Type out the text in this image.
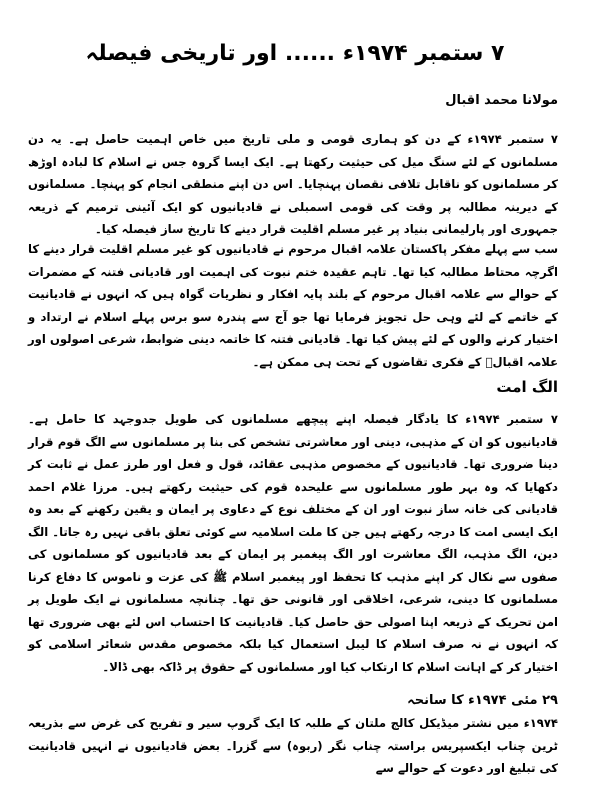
۷ ستمبر ۱۹۷۴ء ...... اور تاریخی فیصلہ
مولانا محمد اقبال

۷ ستمبر ۱۹۷۴ء کے دن کو ہماری قومی و ملی تاریخ میں خاص اہمیت حاصل ہے۔ یہ دن مسلمانوں کے لئے سنگ میل کی حیثیت رکھتا ہے۔ ایک ایسا گروہ جس نے اسلام کا لبادہ اوڑھ کر مسلمانوں کو ناقابل تلافی نقصان پہنچایا۔ اس دن اپنے منطقی انجام کو پہنچا۔ مسلمانوں کے دیرینہ مطالبہ پر وقت کی قومی اسمبلی نے قادیانیوں کو ایک آئینی ترمیم کے ذریعہ جمہوری اور پارلیمانی بنیاد پر غیر مسلم اقلیت قرار دینے کا تاریخ ساز فیصلہ کیا۔

سب سے پہلے مفکر پاکستان علامہ اقبال مرحوم نے قادیانیوں کو غیر مسلم اقلیت قرار دینے کا اگرچہ محتاط مطالبہ کیا تھا۔ تاہم عقیدہ ختم نبوت کی اہمیت اور قادیانی فتنہ کے مضمرات کے حوالے سے علامہ اقبال مرحوم کے بلند پایہ افکار و نظریات گواہ ہیں کہ انہوں نے قادیانیت کے خاتمے کے لئے وہی حل تجویز فرمایا تھا جو آج سے پندرہ سو برس پہلے اسلام نے ارتداد و اختیار کرنے والوں کے لئے پیش کیا تھا۔ قادیانی فتنہ کا خاتمہ دینی ضوابط، شرعی اصولوں اور علامہ اقبالؒ کے فکری تقاضوں کے تحت ہی ممکن ہے۔

الگ امت

۷ ستمبر ۱۹۷۴ء کا یادگار فیصلہ اپنے پیچھے مسلمانوں کی طویل جدوجہد کا حامل ہے۔ قادیانیوں کو ان کے مذہبی، دینی اور معاشرتی تشخص کی بنا پر مسلمانوں سے الگ قوم قرار دینا ضروری تھا۔ قادیانیوں کے مخصوص مذہبی عقائد، قول و فعل اور طرز عمل نے ثابت کر دکھایا کہ وہ بہر طور مسلمانوں سے علیحدہ قوم کی حیثیت رکھتے ہیں۔ مرزا غلام احمد قادیانی کی خانہ ساز نبوت اور ان کے مختلف نوع کے دعاوی پر ایمان و یقین رکھنے کے بعد وہ ایک ایسی امت کا درجہ رکھتے ہیں جن کا ملت اسلامیہ سے کوئی تعلق باقی نہیں رہ جاتا۔ الگ دین، الگ مذہب، الگ معاشرت اور الگ پیغمبر پر ایمان کے بعد قادیانیوں کو مسلمانوں کی صفوں سے نکال کر اپنے مذہب کا تحفظ اور پیغمبر اسلام ﷺ کی عزت و ناموس کا دفاع کرنا مسلمانوں کا دینی، شرعی، اخلاقی اور قانونی حق تھا۔ چنانچہ مسلمانوں نے ایک طویل پر امن تحریک کے ذریعہ اپنا اصولی حق حاصل کیا۔ قادیانیت کا احتساب اس لئے بھی ضروری تھا کہ انہوں نے نہ صرف اسلام کا لیبل استعمال کیا بلکہ مخصوص مقدس شعائر اسلامی کو اختیار کر کے اہانت اسلام کا ارتکاب کیا اور مسلمانوں کے حقوق پر ڈاکہ بھی ڈالا۔

۲۹ مئی ۱۹۷۴ء کا سانحہ

۱۹۷۴ء میں نشتر میڈیکل کالج ملتان کے طلبہ کا ایک گروپ سیر و تفریح کی غرض سے بذریعہ ٹرین چناب ایکسپریس براستہ چناب نگر (ربوہ) سے گزرا۔ بعض قادیانیوں نے انہیں قادیانیت کی تبلیغ اور دعوت کے حوالے سے
